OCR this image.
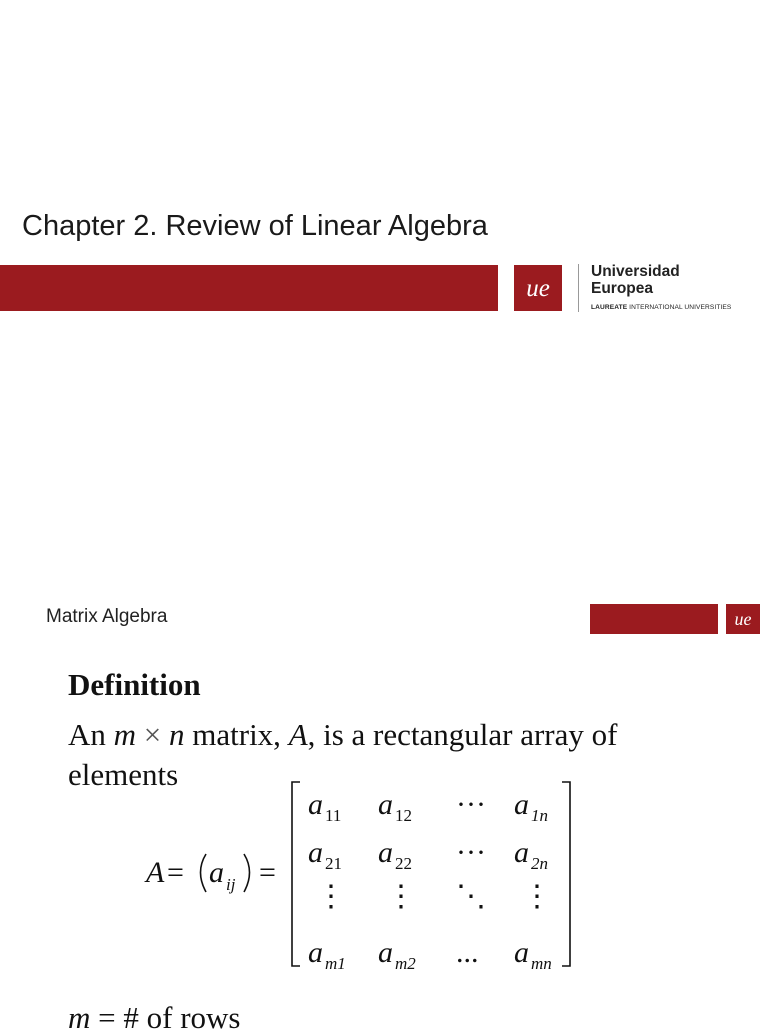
Chapter 2. Review of Linear Algebra
ue
Universidad
Europea
LAUREATE INTERNATIONAL UNIVERSITIES
Matrix Algebra	ue
Definition
An m × n matrix, A, is a rectangular array of elements
A = a ij =
a 11 a 12 ··· a 1n
a 21 a 22 ··· a 2n
⋮ ⋮ ⋱ ⋮
a m1 a m2 ... a mn
m = # of rows
